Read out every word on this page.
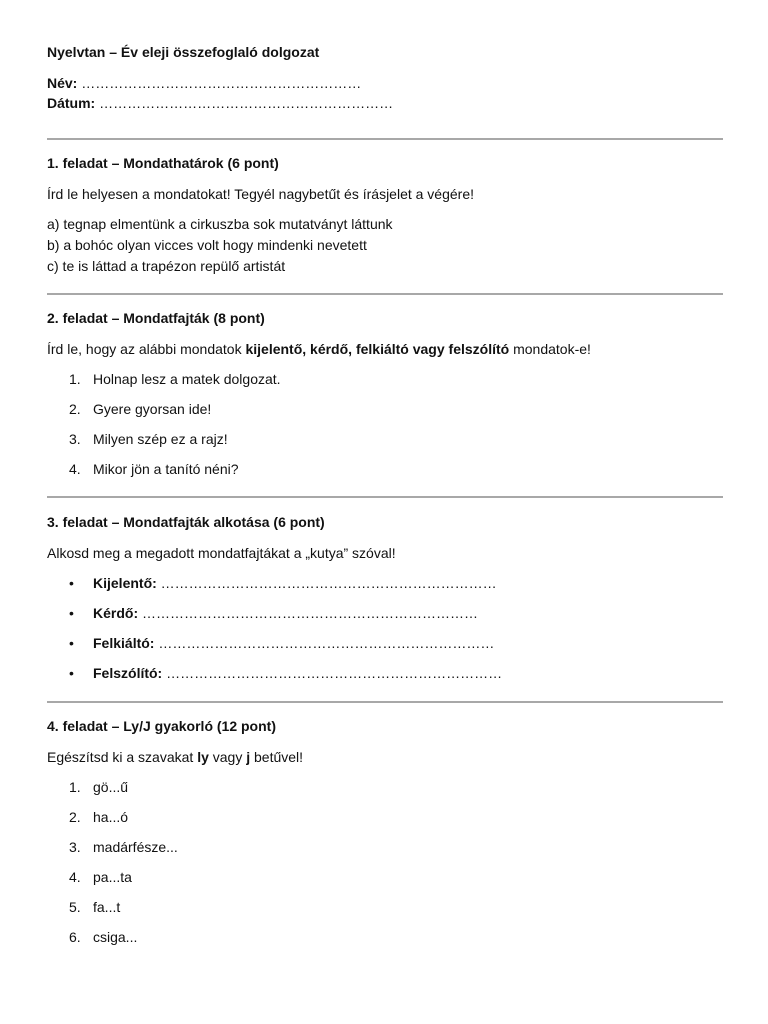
Nyelvtan – Év eleji összefoglaló dolgozat
Név: ……………………………………………………
Dátum: ………………………………………………………
1. feladat – Mondathatárok (6 pont)
Írd le helyesen a mondatokat! Tegyél nagybetűt és írásjelet a végére!
a) tegnap elmentünk a cirkuszba sok mutatványt láttunk
b) a bohóc olyan vicces volt hogy mindenki nevetett
c) te is láttad a trapézon repülő artistát
2. feladat – Mondatfajták (8 pont)
Írd le, hogy az alábbi mondatok kijelentő, kérdő, felkiáltó vagy felszólító mondatok-e!
1. Holnap lesz a matek dolgozat.

2. Gyere gyorsan ide!

3. Milyen szép ez a rajz!

4. Mikor jön a tanító néni?

3. feladat – Mondatfajták alkotása (6 pont)
Alkosd meg a megadott mondatfajtákat a „kutya” szóval!
• Kijelentő: ………………………………………………………………

• Kérdő: ………………………………………………………………

• Felkiáltó: ………………………………………………………………

• Felszólító: ………………………………………………………………

4. feladat – Ly/J gyakorló (12 pont)
Egészítsd ki a szavakat ly vagy j betűvel!
1. gö...ű

2. ha...ó

3. madárfésze...

4. pa...ta

5. fa...t

6. csiga...
